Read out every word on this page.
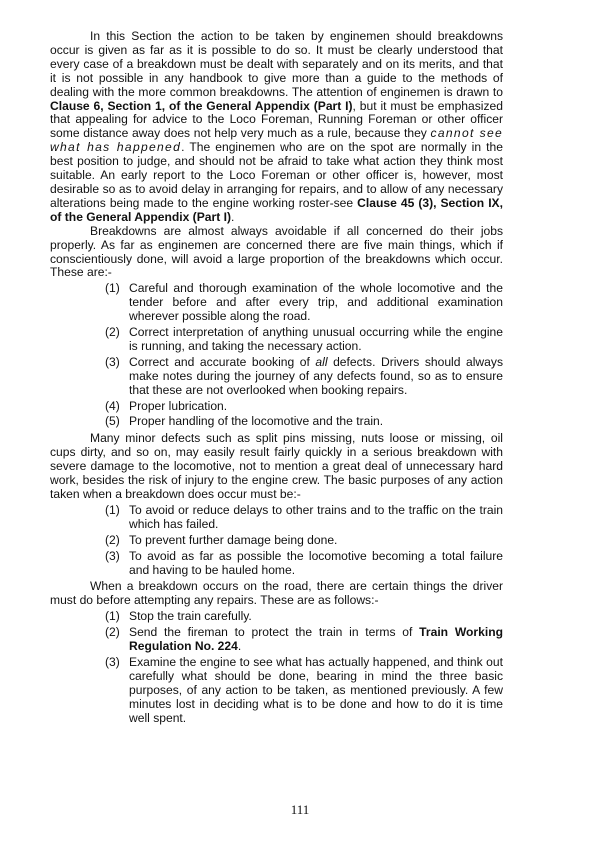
In this Section the action to be taken by enginemen should breakdowns occur is given as far as it is possible to do so. It must be clearly understood that every case of a breakdown must be dealt with separately and on its merits, and that it is not possible in any handbook to give more than a guide to the methods of dealing with the more common breakdowns. The attention of enginemen is drawn to Clause 6, Section 1, of the General Appendix (Part I), but it must be emphasized that appealing for advice to the Loco Foreman, Running Foreman or other officer some distance away does not help very much as a rule, because they cannot see what has happened. The enginemen who are on the spot are normally in the best position to judge, and should not be afraid to take what action they think most suitable. An early report to the Loco Foreman or other officer is, however, most desirable so as to avoid delay in arranging for repairs, and to allow of any necessary alterations being made to the engine working roster-see Clause 45 (3), Section IX, of the General Appendix (Part I).

Breakdowns are almost always avoidable if all concerned do their jobs properly. As far as enginemen are concerned there are five main things, which if conscientiously done, will avoid a large proportion of the breakdowns which occur. These are:-

(1) Careful and thorough examination of the whole locomotive and the tender before and after every trip, and additional examination wherever possible along the road.
(2) Correct interpretation of anything unusual occurring while the engine is running, and taking the necessary action.
(3) Correct and accurate booking of all defects. Drivers should always make notes during the journey of any defects found, so as to ensure that these are not overlooked when booking repairs.
(4) Proper lubrication.
(5) Proper handling of the locomotive and the train.

Many minor defects such as split pins missing, nuts loose or missing, oil cups dirty, and so on, may easily result fairly quickly in a serious breakdown with severe damage to the locomotive, not to mention a great deal of unnecessary hard work, besides the risk of injury to the engine crew. The basic purposes of any action taken when a breakdown does occur must be:-

(1) To avoid or reduce delays to other trains and to the traffic on the train which has failed.
(2) To prevent further damage being done.
(3) To avoid as far as possible the locomotive becoming a total failure and having to be hauled home.

When a breakdown occurs on the road, there are certain things the driver must do before attempting any repairs. These are as follows:-

(1) Stop the train carefully.
(2) Send the fireman to protect the train in terms of Train Working Regulation No. 224.
(3) Examine the engine to see what has actually happened, and think out carefully what should be done, bearing in mind the three basic purposes, of any action to be taken, as mentioned previously. A few minutes lost in deciding what is to be done and how to do it is time well spent.
111
